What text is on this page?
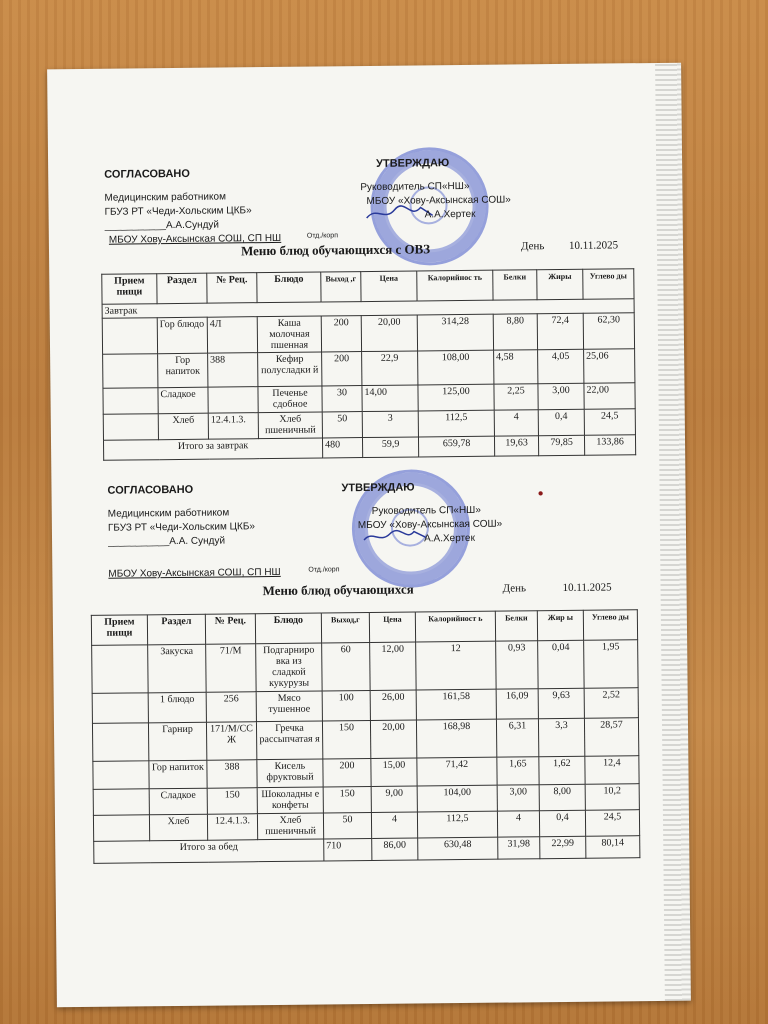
СОГЛАСОВАНО
Медицинским работником
ГБУЗ РТ «Чеди-Хольским ЦКБ»
___________А.А.Сундуй
МБОУ Хову-Аксынская СОШ, СП НШ	Отд./корп
УТВЕРЖДАЮ
Руководитель СП«НШ»
МБОУ «Хову-Аксынская СОШ»
А.А.Хертек
Меню блюд обучающихся с ОВЗ	День 10.11.2025
Прием пищи	Раздел	№ Рец.	Блюдо	Выход ,г	Цена	Калорийнос ть	Белки	Жиры	Углево ды
Завтрак									
	Гор блюдо	4Л	Каша молочная пшенная	200	20,00	314,28	8,80	72,4	62,30
	Гор напиток	388	Кефир полусладки й	200	22,9	108,00	4,58	4,05	25,06
	Сладкое		Печенье сдобное	30	14,00	125,00	2,25	3,00	22,00
	Хлеб	12.4.1.3.	Хлеб пшеничный	50	3	112,5	4	0,4	24,5
Итого за завтрак				480	59,9	659,78	19,63	79,85	133,86
СОГЛАСОВАНО
Медицинским работником
ГБУЗ РТ «Чеди-Хольским ЦКБ»
___________А.А. Сундуй
МБОУ Хову-Аксынская СОШ, СП НШ	Отд./корп
УТВЕРЖДАЮ
Руководитель СП«НШ»
МБОУ «Хову-Аксынская СОШ»
А.А.Хертек
●
Меню блюд обучающихся	День	10.11.2025
Прием пищи	Раздел	№ Рец.	Блюдо	Выход,г	Цена	Калорийност ь	Белки	Жир ы	Углево ды
	Закуска	71/М	Подгарниро вка из сладкой кукурузы	60	12,00	12	0,93	0,04	1,95
	1 блюдо	256	Мясо тушенное	100	26,00	161,58	16,09	9,63	2,52
	Гарнир	171/М/СС Ж	Гречка рассыпчатая я	150	20,00	168,98	6,31	3,3	28,57
	Гор напиток	388	Кисель фруктовый	200	15,00	71,42	1,65	1,62	12,4
	Сладкое	150	Шоколадны е конфеты	150	9,00	104,00	3,00	8,00	10,2
	Хлеб	12.4.1.3.	Хлеб пшеничный	50	4	112,5	4	0,4	24,5
Итого за обед				710	86,00	630,48	31,98	22,99	80,14
